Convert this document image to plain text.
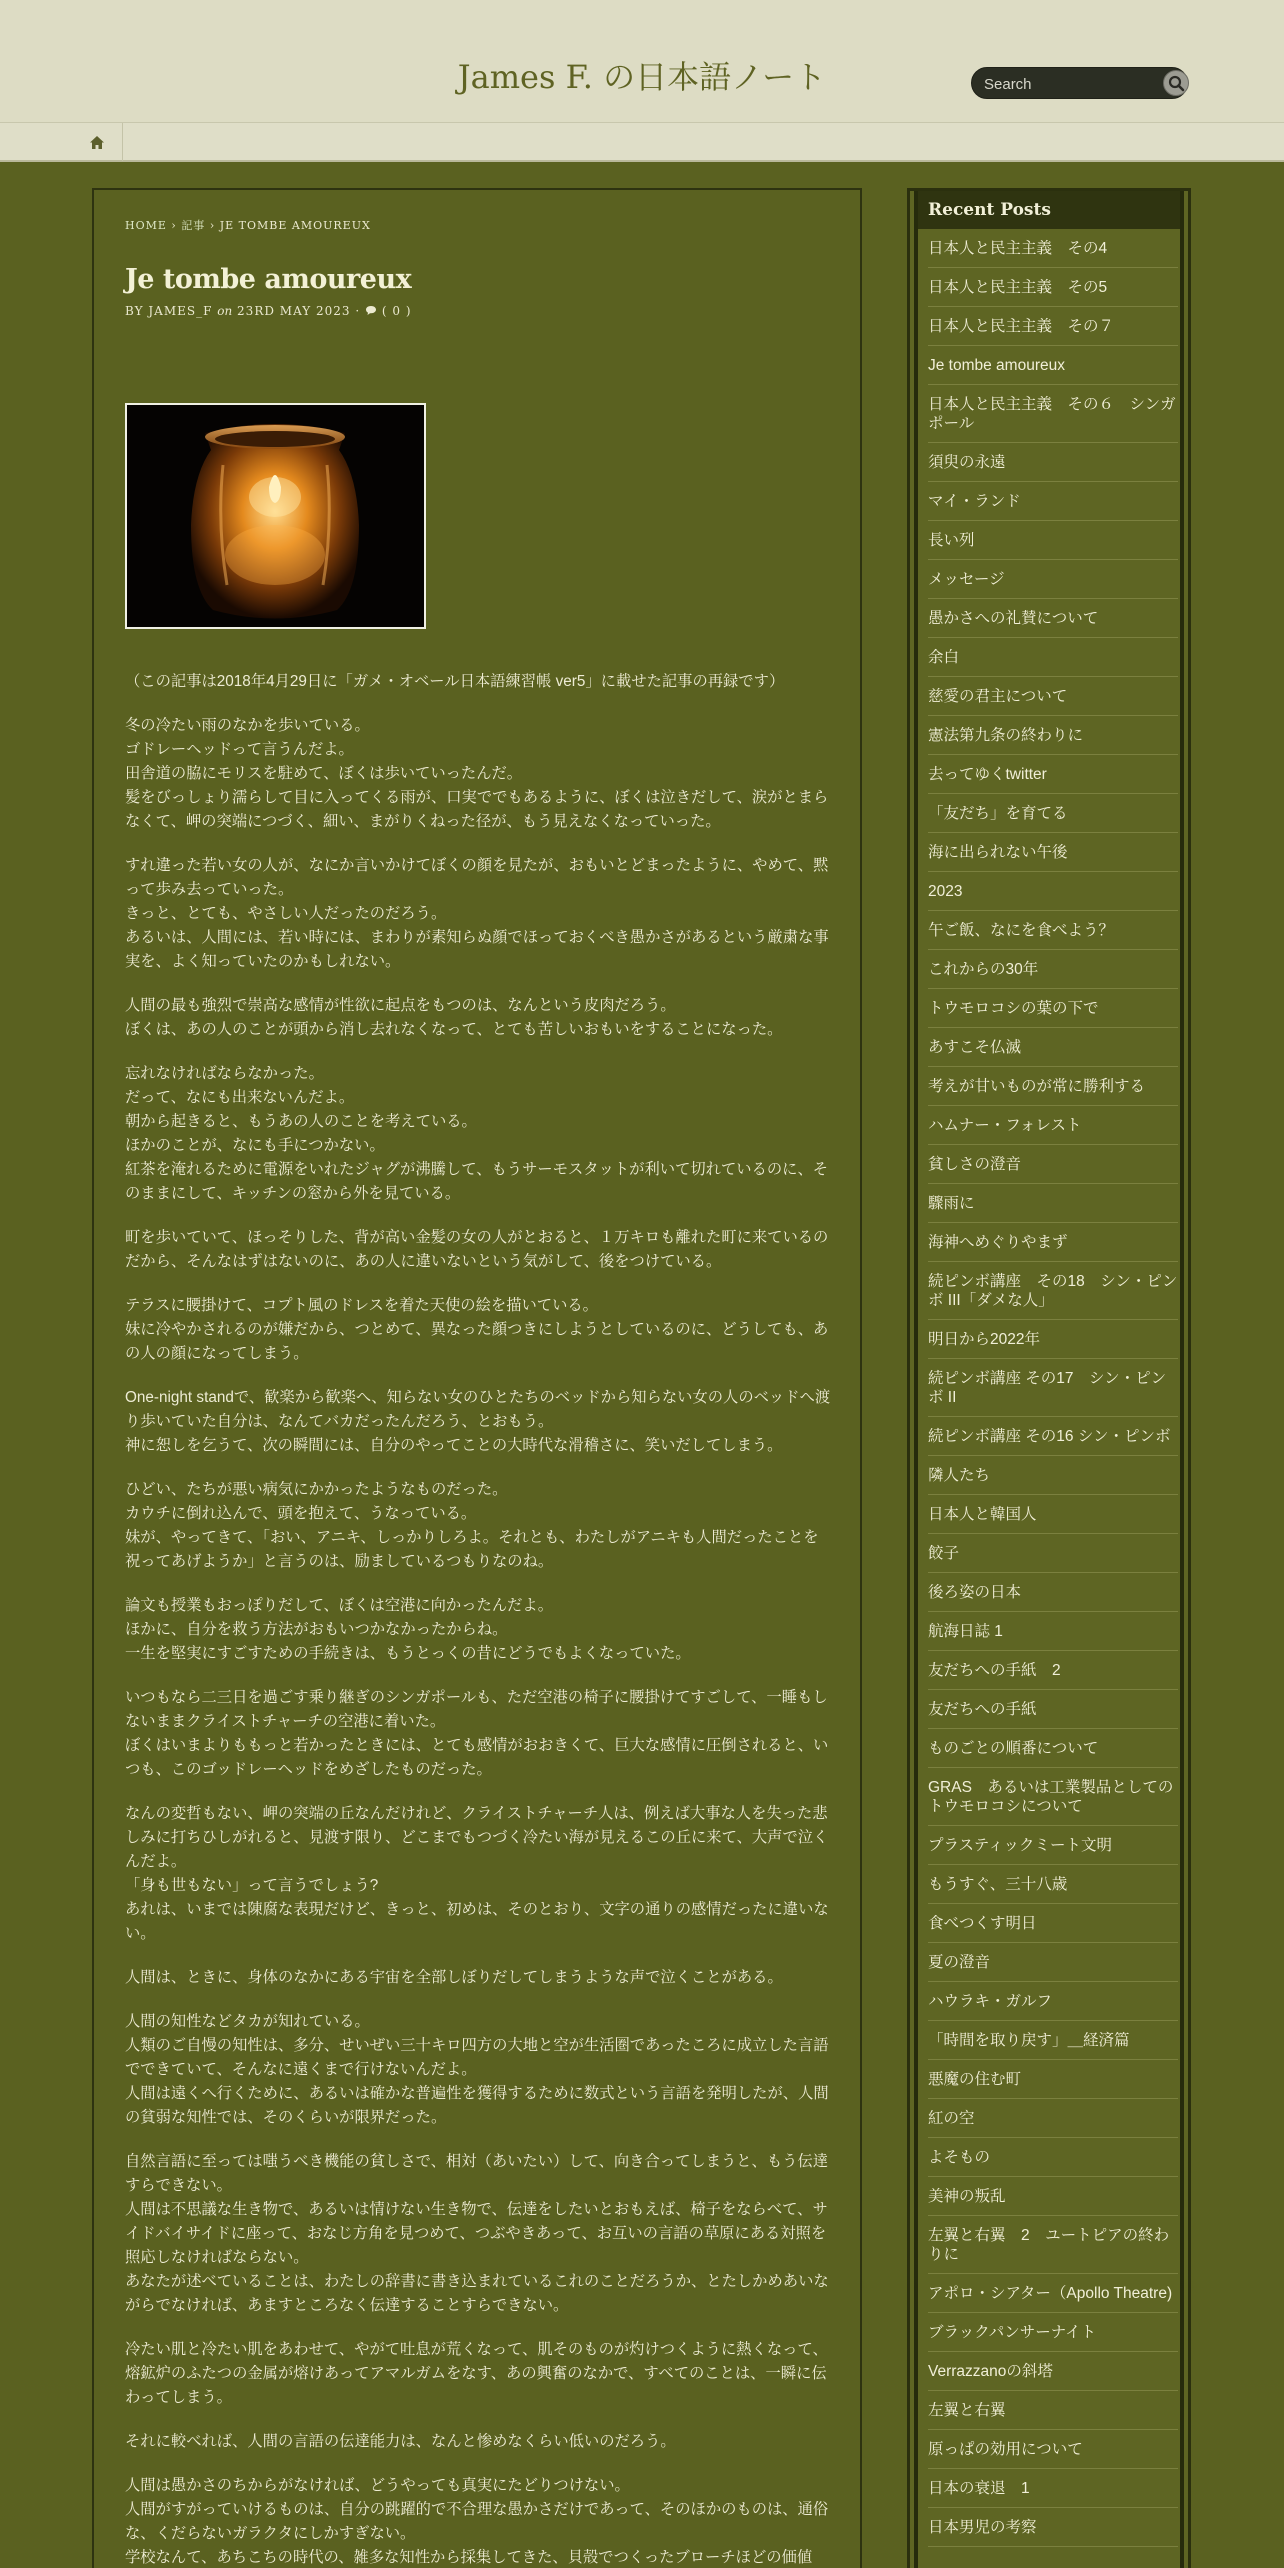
James F. の日本語ノート
Search
HOME › 記事 › JE TOMBE AMOUREUX
Je tombe amoureux
BY JAMES_F on 23RD MAY 2023 · ( 0 )

（この記事は2018年4月29日に「ガメ・オベール日本語練習帳 ver5」に載せた記事の再録です）

冬の冷たい雨のなかを歩いている。
ゴドレーヘッドって言うんだよ。
田舎道の脇にモリスを駐めて、ぼくは歩いていったんだ。
髪をびっしょり濡らして目に入ってくる雨が、口実ででもあるように、ぼくは泣きだして、涙がとまらなくて、岬の突端につづく、細い、まがりくねった径が、もう見えなくなっていった。

すれ違った若い女の人が、なにか言いかけてぼくの顔を見たが、おもいとどまったように、やめて、黙って歩み去っていった。
きっと、とても、やさしい人だったのだろう。
あるいは、人間には、若い時には、まわりが素知らぬ顔でほっておくべき愚かさがあるという厳粛な事実を、よく知っていたのかもしれない。

人間の最も強烈で崇高な感情が性欲に起点をもつのは、なんという皮肉だろう。
ぼくは、あの人のことが頭から消し去れなくなって、とても苦しいおもいをすることになった。

忘れなければならなかった。
だって、なにも出来ないんだよ。
朝から起きると、もうあの人のことを考えている。
ほかのことが、なにも手につかない。
紅茶を淹れるために電源をいれたジャグが沸騰して、もうサーモスタットが利いて切れているのに、そのままにして、キッチンの窓から外を見ている。

町を歩いていて、ほっそりした、背が高い金髪の女の人がとおると、１万キロも離れた町に来ているのだから、そんなはずはないのに、あの人に違いないという気がして、後をつけている。

テラスに腰掛けて、コプト風のドレスを着た天使の絵を描いている。
妹に冷やかされるのが嫌だから、つとめて、異なった顔つきにしようとしているのに、どうしても、あの人の顔になってしまう。

One-night standで、歓楽から歓楽へ、知らない女のひとたちのベッドから知らない女の人のベッドへ渡り歩いていた自分は、なんてバカだったんだろう、とおもう。
神に恕しを乞うて、次の瞬間には、自分のやってことの大時代な滑稽さに、笑いだしてしまう。

ひどい、たちが悪い病気にかかったようなものだった。
カウチに倒れ込んで、頭を抱えて、うなっている。
妹が、やってきて、「おい、アニキ、しっかりしろよ。それとも、わたしがアニキも人間だったことを祝ってあげようか」と言うのは、励ましているつもりなのね。

論文も授業もおっぽりだして、ぼくは空港に向かったんだよ。
ほかに、自分を救う方法がおもいつかなかったからね。
一生を堅実にすごすための手続きは、もうとっくの昔にどうでもよくなっていた。

いつもなら二三日を過ごす乗り継ぎのシンガポールも、ただ空港の椅子に腰掛けてすごして、一睡もしないままクライストチャーチの空港に着いた。
ぼくはいまよりももっと若かったときには、とても感情がおおきくて、巨大な感情に圧倒されると、いつも、このゴッドレーヘッドをめざしたものだった。

なんの変哲もない、岬の突端の丘なんだけれど、クライストチャーチ人は、例えば大事な人を失った悲しみに打ちひしがれると、見渡す限り、どこまでもつづく冷たい海が見えるこの丘に来て、大声で泣くんだよ。
「身も世もない」って言うでしょう?
あれは、いまでは陳腐な表現だけど、きっと、初めは、そのとおり、文字の通りの感情だったに違いない。

人間は、ときに、身体のなかにある宇宙を全部しぼりだしてしまうような声で泣くことがある。

人間の知性などタカが知れている。
人類のご自慢の知性は、多分、せいぜい三十キロ四方の大地と空が生活圏であったころに成立した言語でできていて、そんなに遠くまで行けないんだよ。
人間は遠くへ行くために、あるいは確かな普遍性を獲得するために数式という言語を発明したが、人間の貧弱な知性では、そのくらいが限界だった。

自然言語に至っては嗤うべき機能の貧しさで、相対（あいたい）して、向き合ってしまうと、もう伝達すらできない。
人間は不思議な生き物で、あるいは情けない生き物で、伝達をしたいとおもえば、椅子をならべて、サイドバイサイドに座って、おなじ方角を見つめて、つぶやきあって、お互いの言語の草原にある対照を照応しなければならない。
あなたが述べていることは、わたしの辞書に書き込まれているこれのことだろうか、とたしかめあいながらでなければ、あますところなく伝達することすらできない。

冷たい肌と冷たい肌をあわせて、やがて吐息が荒くなって、肌そのものが灼けつくように熱くなって、熔鉱炉のふたつの金属が熔けあってアマルガムをなす、あの興奮のなかで、すべてのことは、一瞬に伝わってしまう。

それに較べれば、人間の言語の伝達能力は、なんと惨めなくらい低いのだろう。

人間は愚かさのちからがなければ、どうやっても真実にたどりつけない。
人間がすがっていけるものは、自分の跳躍的で不合理な愚かさだけであって、そのほかのものは、通俗な、くだらないガラクタにしかすぎない。
学校なんて、あちこちの時代の、雑多な知性から採集してきた、貝殻でつくったブローチほどの価値

Recent Posts
日本人と民主主義　その4
日本人と民主主義　その5
日本人と民主主義　その７
Je tombe amoureux
日本人と民主主義　その６　シンガポール
須臾の永遠
マイ・ランド
長い列
メッセージ
愚かさへの礼賛について
余白
慈愛の君主について
憲法第九条の終わりに
去ってゆくtwitter
「友だち」を育てる
海に出られない午後
2023
午ご飯、なにを食べよう？
これからの30年
トウモロコシの葉の下で
あすこそ仏滅
考えが甘いものが常に勝利する
ハムナー・フォレスト
貧しさの澄音
驟雨に
海神へめぐりやまず
続ピンボ講座　その18　シン・ピンボ III「ダメな人」
明日から2022年
続ピンボ講座 その17　シン・ピンボ II
続ピンボ講座 その16 シン・ピンボ
隣人たち
日本人と韓国人
餃子
後ろ姿の日本
航海日誌 1
友だちへの手紙　2
友だちへの手紙
ものごとの順番について
GRAS　あるいは工業製品としてのトウモロコシについて
プラスティックミート文明
もうすぐ、三十八歳
食べつくす明日
夏の澄音
ハウラキ・ガルフ
「時間を取り戻す」＿経済篇
悪魔の住む町
紅の空
よそもの
美神の叛乱
左翼と右翼　2　ユートピアの終わりに
アポロ・シアター（Apollo Theatre)
ブラックパンサーナイト
Verrazzanoの斜塔
左翼と右翼
原っぱの効用について
日本の衰退　1
日本男児の考察
